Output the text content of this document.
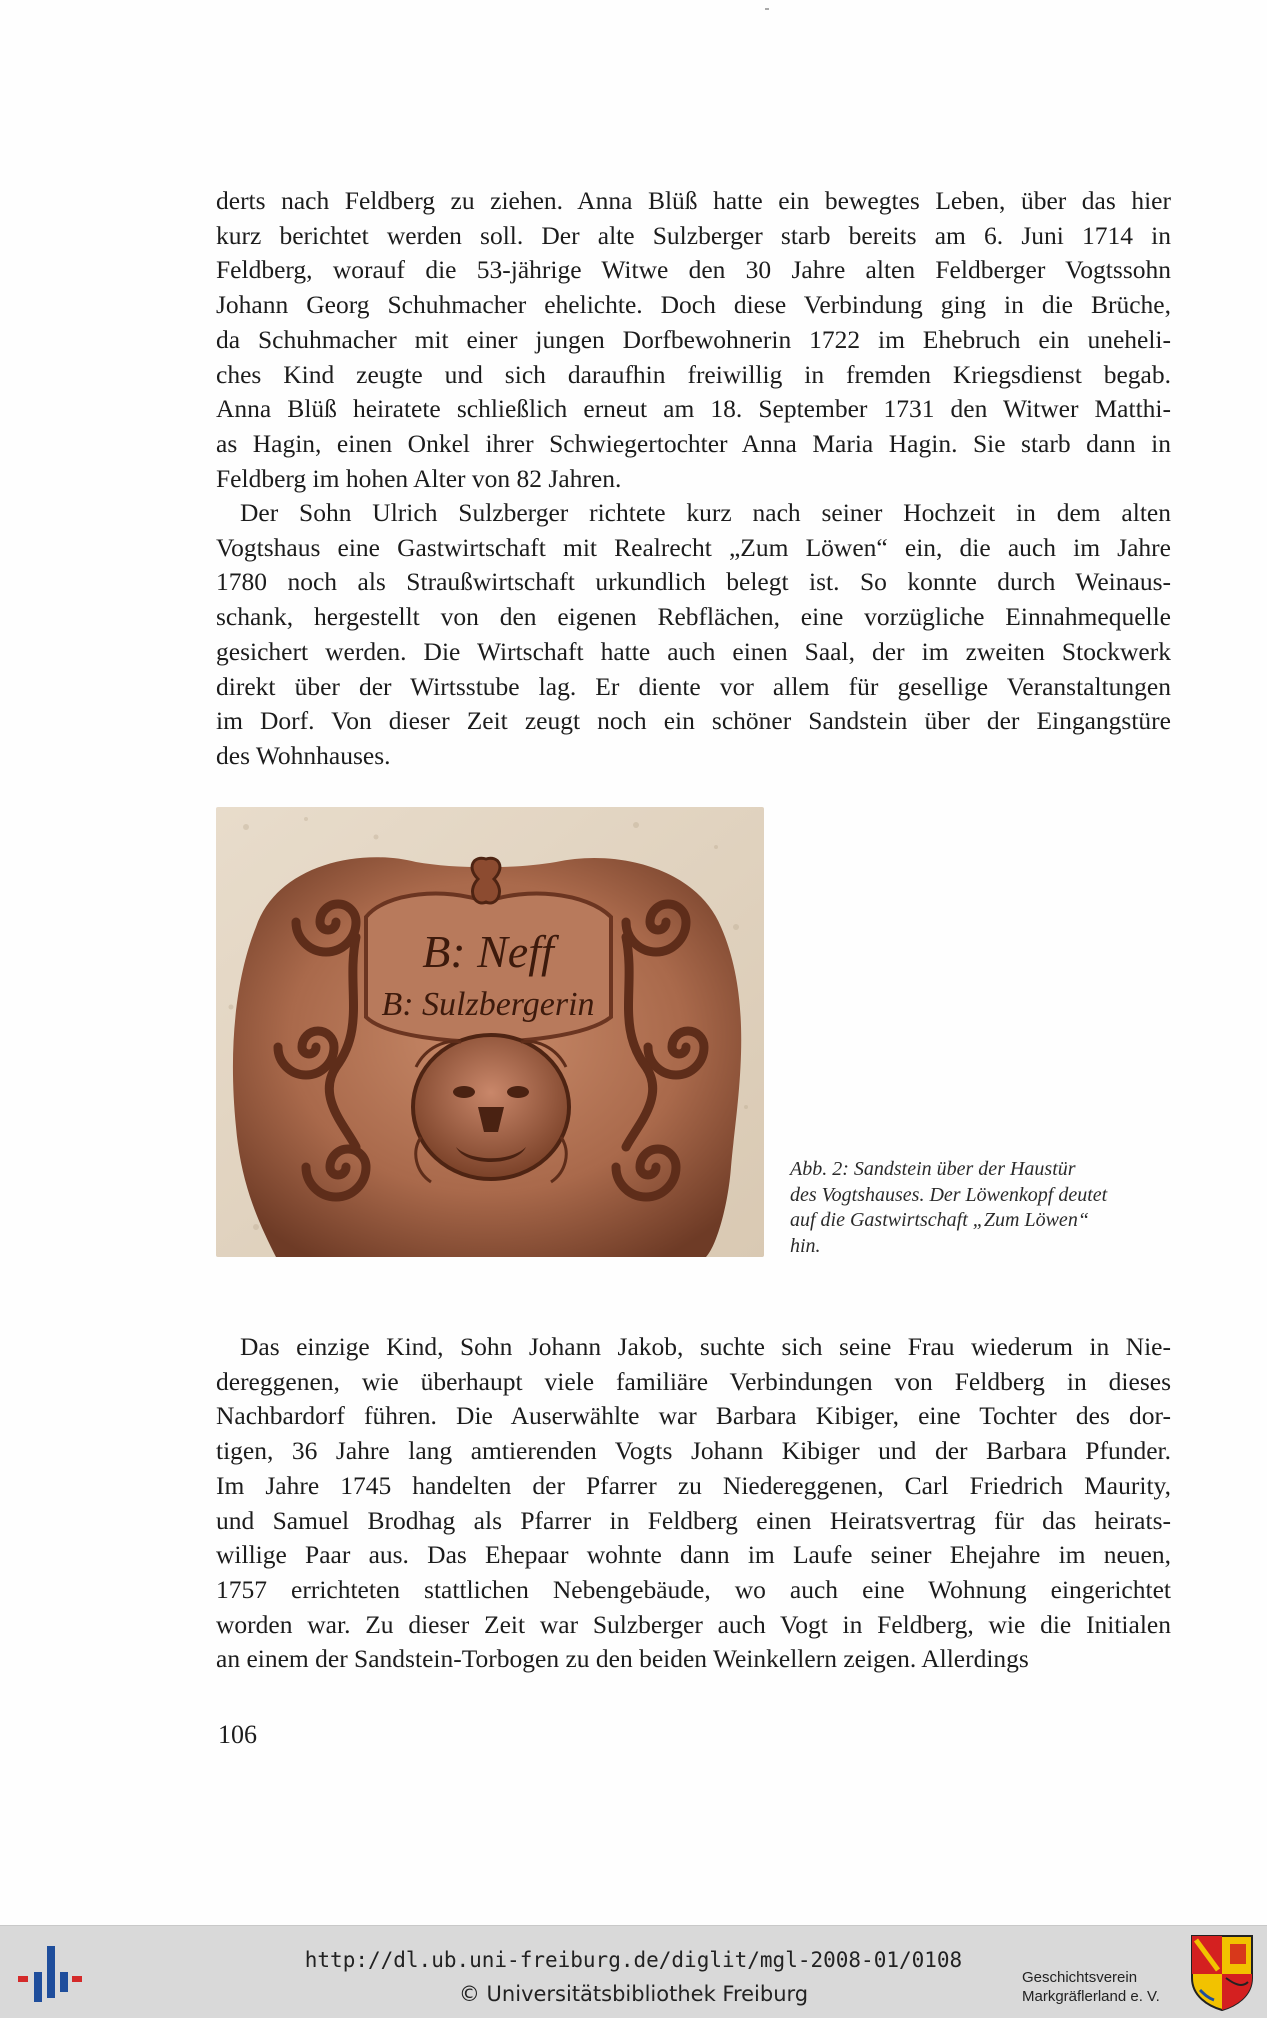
derts nach Feldberg zu ziehen. Anna Blüß hatte ein bewegtes Leben, über das hier
kurz berichtet werden soll. Der alte Sulzberger starb bereits am 6. Juni 1714 in
Feldberg, worauf die 53-jährige Witwe den 30 Jahre alten Feldberger Vogtssohn
Johann Georg Schuhmacher ehelichte. Doch diese Verbindung ging in die Brüche,
da Schuhmacher mit einer jungen Dorfbewohnerin 1722 im Ehebruch ein uneheli-
ches Kind zeugte und sich daraufhin freiwillig in fremden Kriegsdienst begab.
Anna Blüß heiratete schließlich erneut am 18. September 1731 den Witwer Matthi-
as Hagin, einen Onkel ihrer Schwiegertochter Anna Maria Hagin. Sie starb dann in
Feldberg im hohen Alter von 82 Jahren.
Der Sohn Ulrich Sulzberger richtete kurz nach seiner Hochzeit in dem alten
Vogtshaus eine Gastwirtschaft mit Realrecht „Zum Löwen“ ein, die auch im Jahre
1780 noch als Straußwirtschaft urkundlich belegt ist. So konnte durch Weinaus-
schank, hergestellt von den eigenen Rebflächen, eine vorzügliche Einnahmequelle
gesichert werden. Die Wirtschaft hatte auch einen Saal, der im zweiten Stockwerk
direkt über der Wirtsstube lag. Er diente vor allem für gesellige Veranstaltungen
im Dorf. Von dieser Zeit zeugt noch ein schöner Sandstein über der Eingangstüre
des Wohnhauses.
B: Neff
B: Sulzbergerin
Abb. 2: Sandstein über der Haustür
des Vogtshauses. Der Löwenkopf deutet
auf die Gastwirtschaft „Zum Löwen“
hin.
Das einzige Kind, Sohn Johann Jakob, suchte sich seine Frau wiederum in Nie-
dereggenen, wie überhaupt viele familiäre Verbindungen von Feldberg in dieses
Nachbardorf führen. Die Auserwählte war Barbara Kibiger, eine Tochter des dor-
tigen, 36 Jahre lang amtierenden Vogts Johann Kibiger und der Barbara Pfunder.
Im Jahre 1745 handelten der Pfarrer zu Niedereggenen, Carl Friedrich Maurity,
und Samuel Brodhag als Pfarrer in Feldberg einen Heiratsvertrag für das heirats-
willige Paar aus. Das Ehepaar wohnte dann im Laufe seiner Ehejahre im neuen,
1757 errichteten stattlichen Nebengebäude, wo auch eine Wohnung eingerichtet
worden war. Zu dieser Zeit war Sulzberger auch Vogt in Feldberg, wie die Initialen
an einem der Sandstein-Torbogen zu den beiden Weinkellern zeigen. Allerdings
106
http://dl.ub.uni-freiburg.de/diglit/mgl-2008-01/0108
© Universitätsbibliothek Freiburg
Geschichtsverein
Markgräflerland e. V.
